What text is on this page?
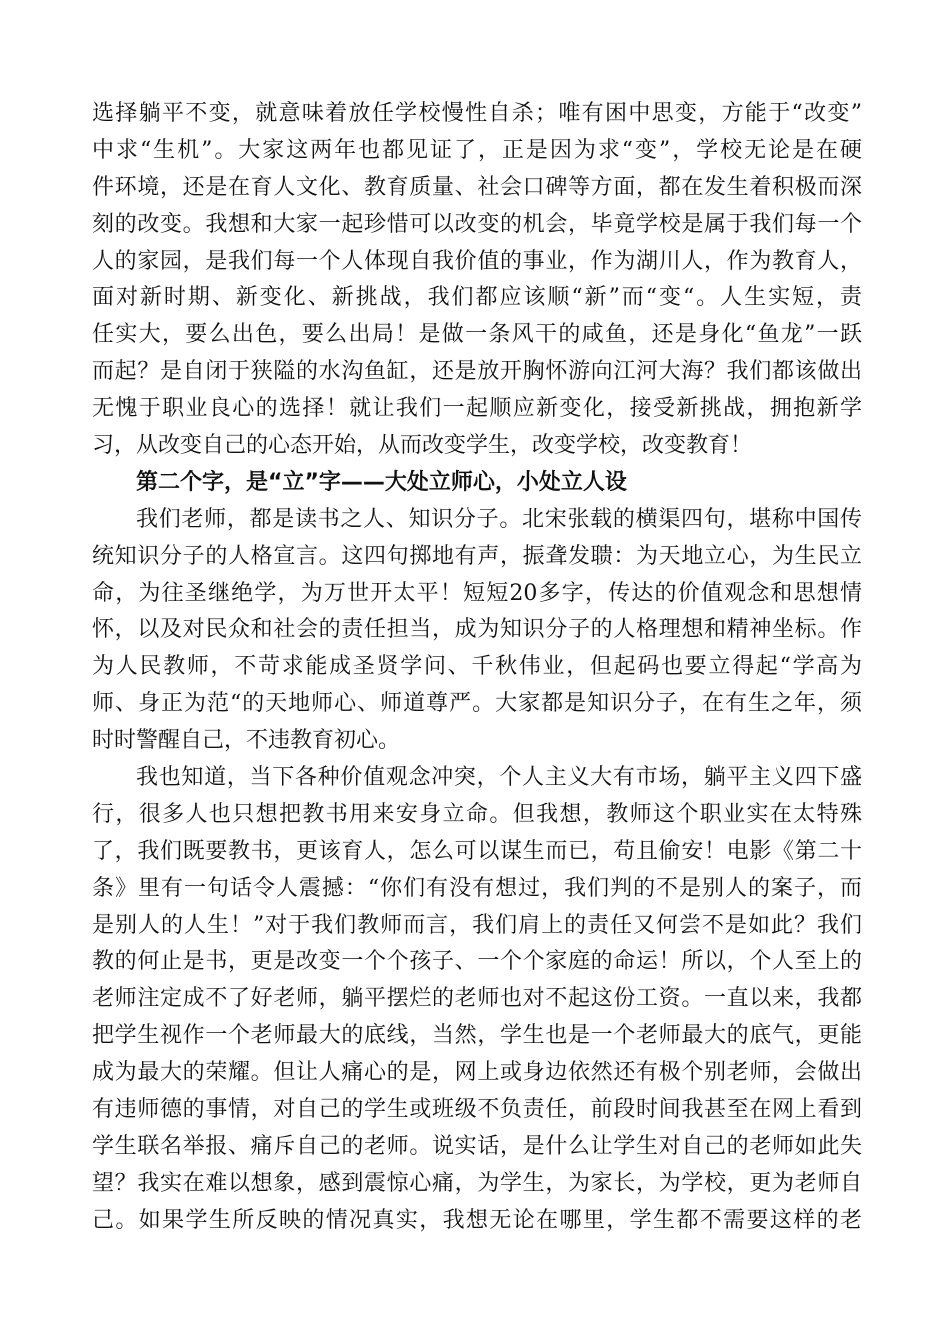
选择躺平不变，就意味着放任学校慢性自杀；唯有困中思变，方能于“改变”
中求“生机”。大家这两年也都见证了，正是因为求“变”，学校无论是在硬
件环境，还是在育人文化、教育质量、社会口碑等方面，都在发生着积极而深
刻的改变。我想和大家一起珍惜可以改变的机会，毕竟学校是属于我们每一个
人的家园，是我们每一个人体现自我价值的事业，作为湖川人，作为教育人，
面对新时期、新变化、新挑战，我们都应该顺“新”而“变“。人生实短，责
任实大，要么出色，要么出局！是做一条风干的咸鱼，还是身化“鱼龙”一跃
而起？是自闭于狭隘的水沟鱼缸，还是放开胸怀游向江河大海？我们都该做出
无愧于职业良心的选择！就让我们一起顺应新变化，接受新挑战，拥抱新学
习，从改变自己的心态开始，从而改变学生，改变学校，改变教育！
第二个字，是“立”字——大处立师心，小处立人设
我们老师，都是读书之人、知识分子。北宋张载的横渠四句，堪称中国传
统知识分子的人格宣言。这四句掷地有声，振聋发聩：为天地立心，为生民立
命，为往圣继绝学，为万世开太平！短短20多字，传达的价值观念和思想情
怀，以及对民众和社会的责任担当，成为知识分子的人格理想和精神坐标。作
为人民教师，不苛求能成圣贤学问、千秋伟业，但起码也要立得起“学高为
师、身正为范“的天地师心、师道尊严。大家都是知识分子，在有生之年，须
时时警醒自己，不违教育初心。
我也知道，当下各种价值观念冲突，个人主义大有市场，躺平主义四下盛
行，很多人也只想把教书用来安身立命。但我想，教师这个职业实在太特殊
了，我们既要教书，更该育人，怎么可以谋生而已，苟且偷安！电影《第二十
条》里有一句话令人震撼：“你们有没有想过，我们判的不是别人的案子，而
是别人的人生！”对于我们教师而言，我们肩上的责任又何尝不是如此？我们
教的何止是书，更是改变一个个孩子、一个个家庭的命运！所以，个人至上的
老师注定成不了好老师，躺平摆烂的老师也对不起这份工资。一直以来，我都
把学生视作一个老师最大的底线，当然，学生也是一个老师最大的底气，更能
成为最大的荣耀。但让人痛心的是，网上或身边依然还有极个别老师，会做出
有违师德的事情，对自己的学生或班级不负责任，前段时间我甚至在网上看到
学生联名举报、痛斥自己的老师。说实话，是什么让学生对自己的老师如此失
望？我实在难以想象，感到震惊心痛，为学生，为家长，为学校，更为老师自
己。如果学生所反映的情况真实，我想无论在哪里，学生都不需要这样的老
